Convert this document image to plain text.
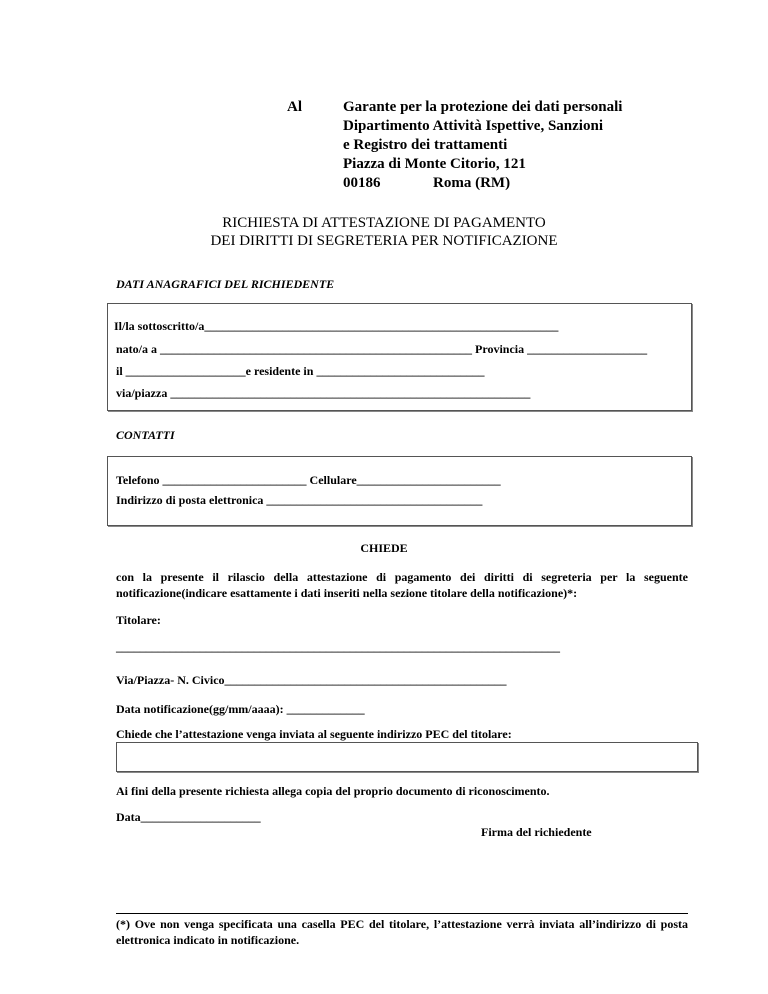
Al	Garante per la protezione dei dati personali
Dipartimento Attività Ispettive, Sanzioni
e Registro dei trattamenti
Piazza di Monte Citorio, 121
00186              Roma (RM)
RICHIESTA DI ATTESTAZIONE DI PAGAMENTO
DEI DIRITTI DI SEGRETERIA PER NOTIFICAZIONE
DATI ANAGRAFICI DEL RICHIEDENTE
Il/la sottoscritto/a___________________________________________________________
nato/a a ____________________________________________________ Provincia ____________________
il ____________________e residente in ____________________________
via/piazza ____________________________________________________________
CONTATTI
Telefono ________________________ Cellulare________________________
Indirizzo di posta elettronica ____________________________________
CHIEDE
con la presente il rilascio della attestazione di pagamento dei diritti di segreteria per la seguente notificazione(indicare esattamente i dati inseriti nella sezione titolare della notificazione)*:
Titolare:
__________________________________________________________________________
Via/Piazza- N. Civico_______________________________________________
Data notificazione(gg/mm/aaaa): _____________
Chiede che l’attestazione venga inviata al seguente indirizzo PEC del titolare:
Ai fini della presente richiesta allega copia del proprio documento di riconoscimento.
Data____________________
Firma del richiedente
(*) Ove non venga specificata una casella PEC del titolare, l’attestazione verrà inviata all’indirizzo di posta elettronica indicato in notificazione.
